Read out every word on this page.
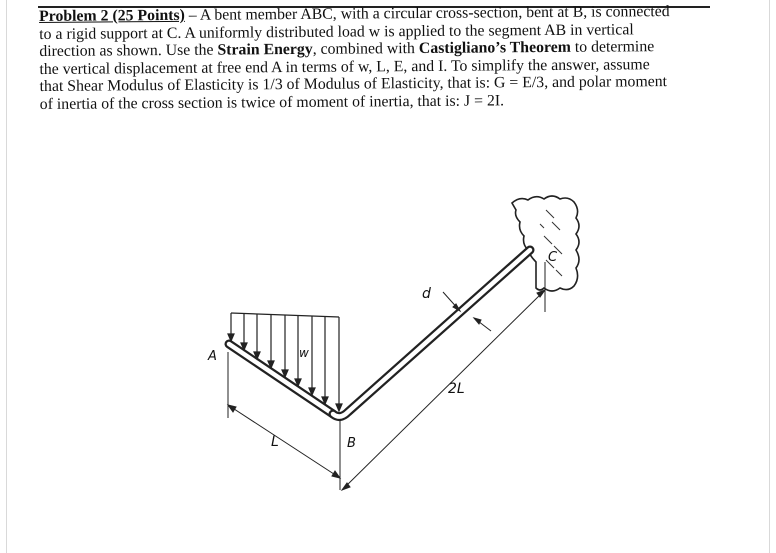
Problem 2 (25 Points) – A bent member ABC, with a circular cross-section, bent at B, is connected
to a rigid support at C. A uniformly distributed load w is applied to the segment AB in vertical
direction as shown. Use the Strain Energy, combined with Castigliano’s Theorem to determine
the vertical displacement at free end A in terms of w, L, E, and I. To simplify the answer, assume
that Shear Modulus of Elasticity is 1/3 of Modulus of Elasticity, that is: G = E/3, and polar moment
of inertia of the cross section is twice of moment of inertia, that is: J = 2I.
A
B
C
w
L
2L
d
